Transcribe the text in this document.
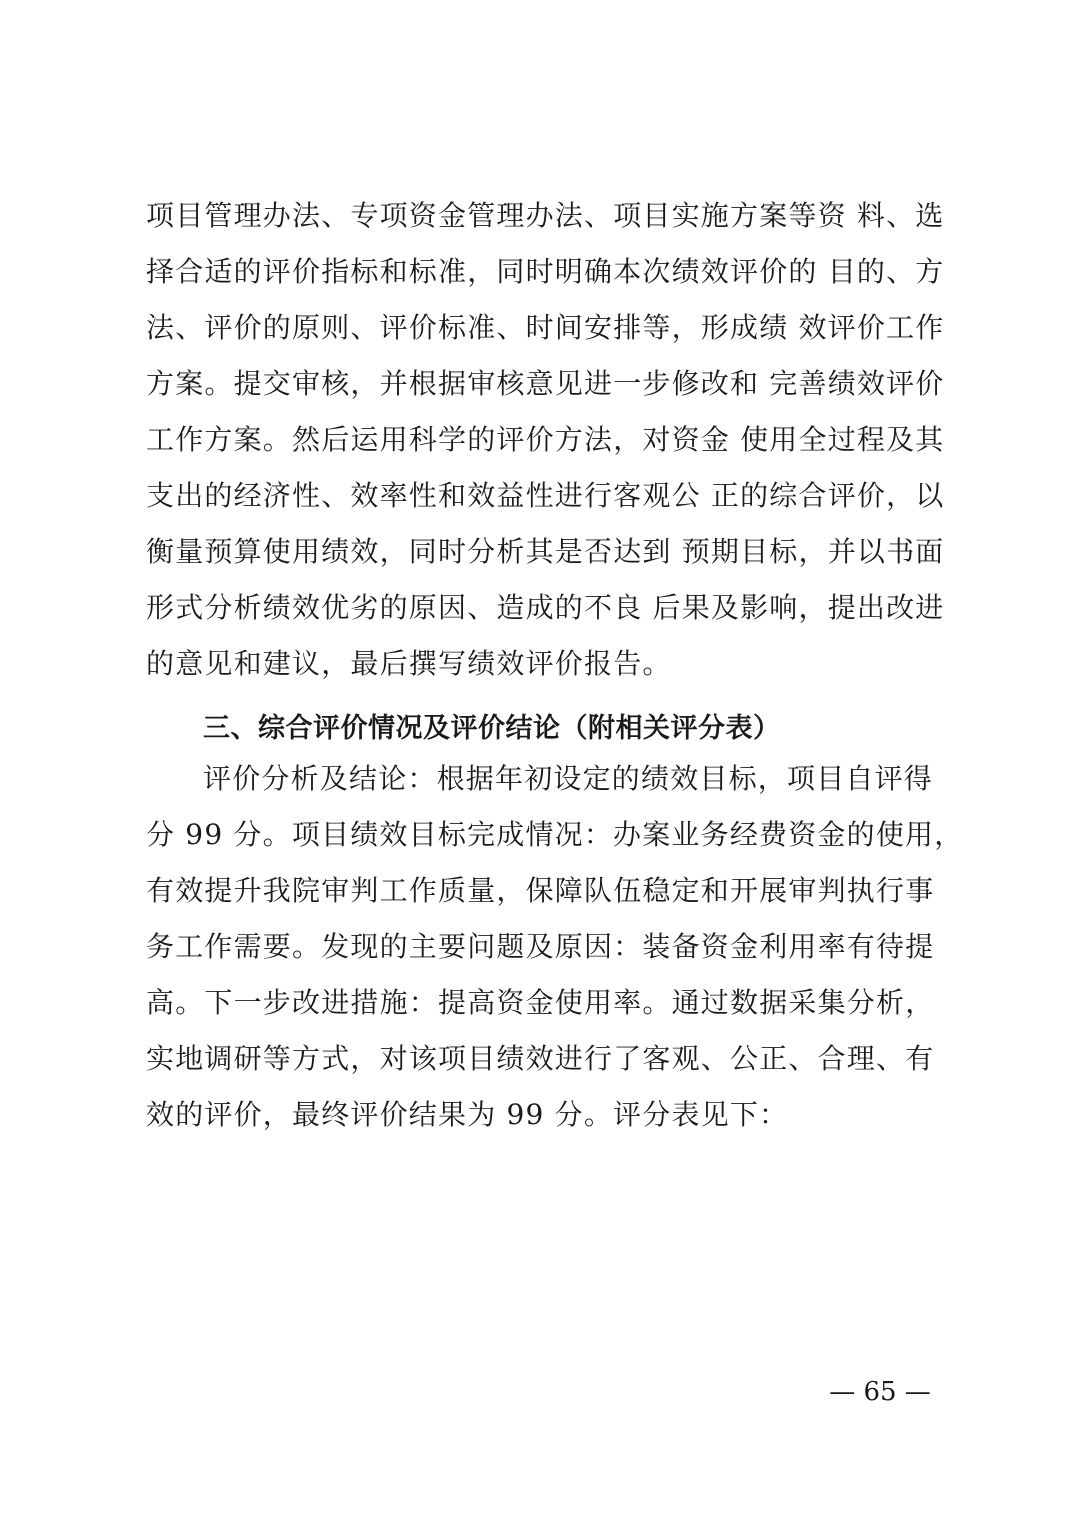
项目管理办法、专项资金管理办法、项目实施方案等资 料、选
择合适的评价指标和标准，同时明确本次绩效评价的 目的、方
法、评价的原则、评价标准、时间安排等，形成绩 效评价工作
方案。提交审核，并根据审核意见进一步修改和 完善绩效评价
工作方案。然后运用科学的评价方法，对资金 使用全过程及其
支出的经济性、效率性和效益性进行客观公 正的综合评价，以
衡量预算使用绩效，同时分析其是否达到 预期目标，并以书面
形式分析绩效优劣的原因、造成的不良 后果及影响，提出改进
的意见和建议，最后撰写绩效评价报告。
三、综合评价情况及评价结论（附相关评分表）
评价分析及结论：根据年初设定的绩效目标，项目自评得
分 99 分。项目绩效目标完成情况：办案业务经费资金的使用，
有效提升我院审判工作质量，保障队伍稳定和开展审判执行事
务工作需要。发现的主要问题及原因：装备资金利用率有待提
高。下一步改进措施：提高资金使用率。通过数据采集分析，
实地调研等方式，对该项目绩效进行了客观、公正、合理、有
效的评价，最终评价结果为 99 分。评分表见下：
— 65 —
